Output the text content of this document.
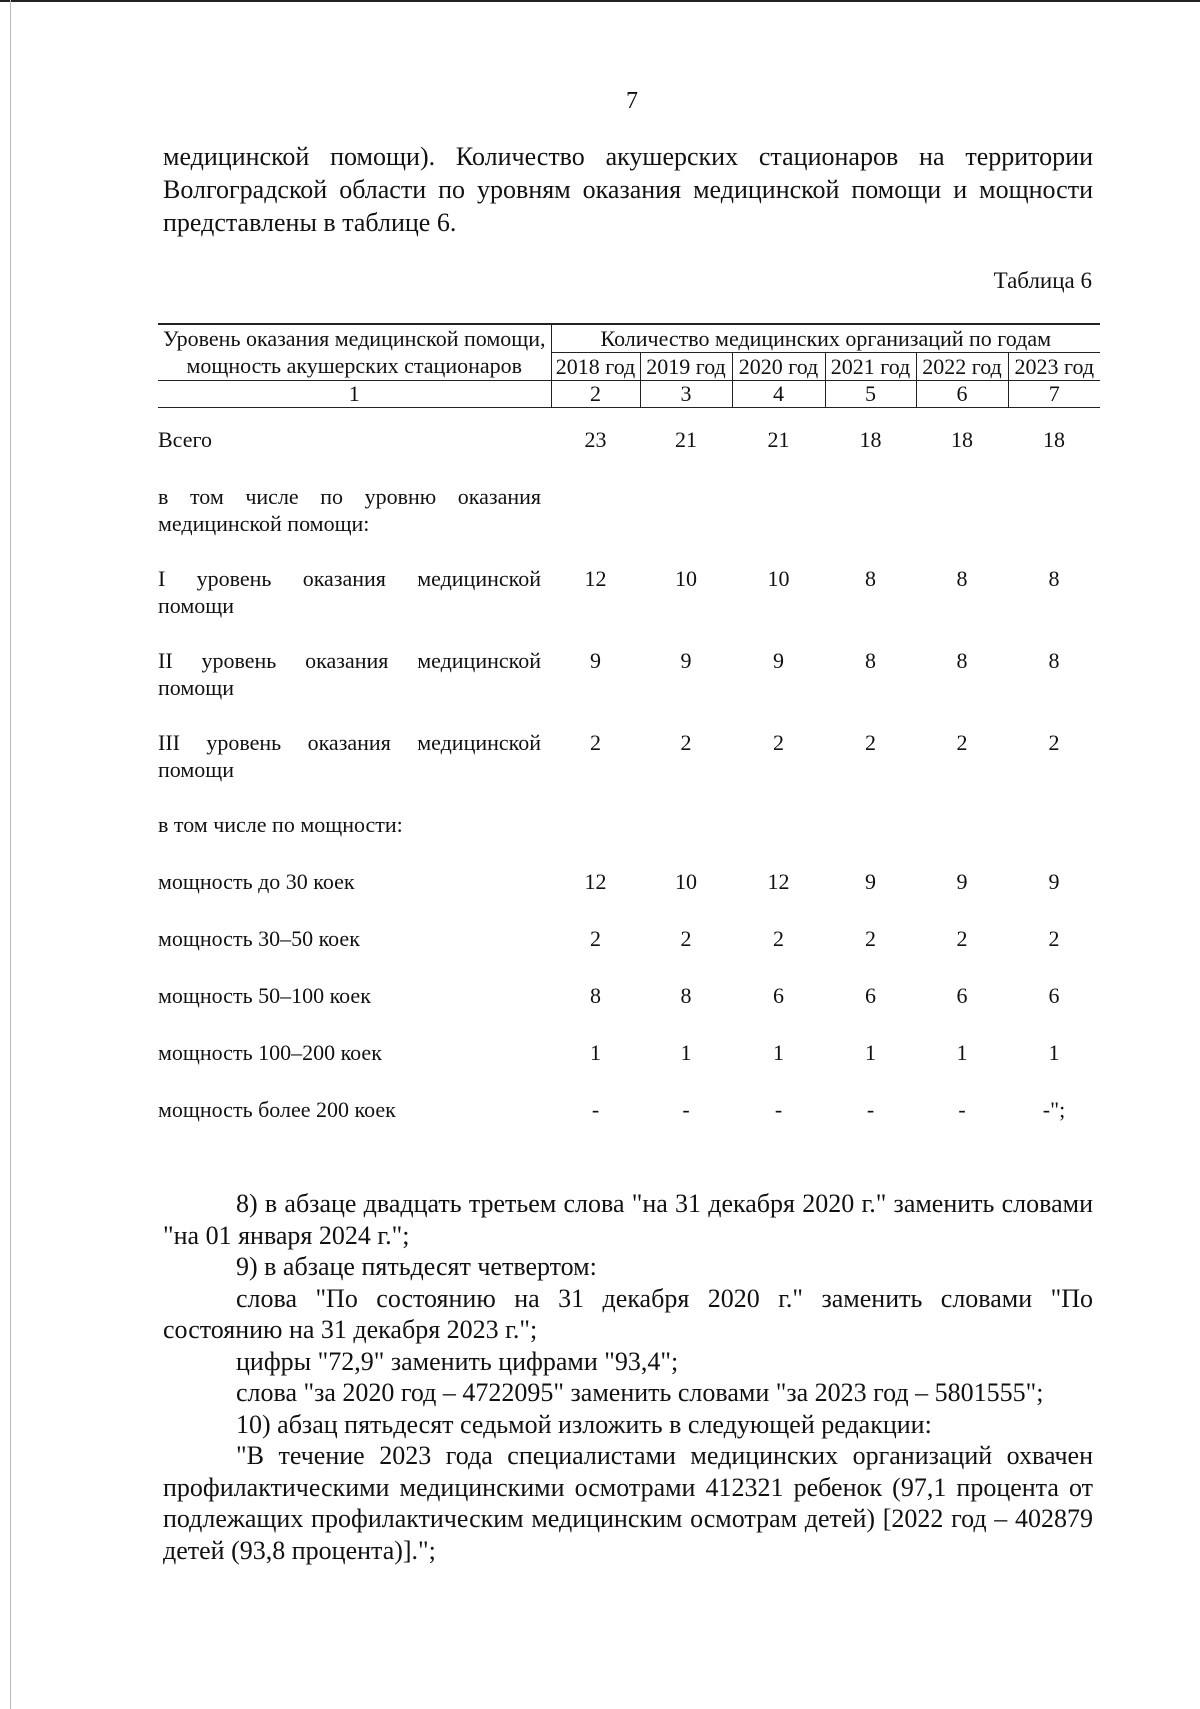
7
медицинской помощи). Количество акушерских стационаров на территории Волгоградской области по уровням оказания медицинской помощи и мощности представлены в таблице 6.
Таблица 6
Уровень оказания медицинской помощи, мощность акушерских стационаров	Количество медицинских организаций по годам					
	2018 год	2019 год	2020 год	2021 год	2022 год	2023 год
1	2	3	4	5	6	7

Всего	23	21	21	18	18	18

в том числе по уровню оказания медицинской помощи:						

I уровень оказания медицинской помощи	12	10	10	8	8	8

II уровень оказания медицинской помощи	9	9	9	8	8	8

III уровень оказания медицинской помощи	2	2	2	2	2	2

в том числе по мощности:						

мощность до 30 коек	12	10	12	9	9	9

мощность 30–50 коек	2	2	2	2	2	2

мощность 50–100 коек	8	8	6	6	6	6

мощность 100–200 коек	1	1	1	1	1	1

мощность более 200 коек	-	-	-	-	-	-";

8) в абзаце двадцать третьем слова "на 31 декабря 2020 г." заменить словами "на 01 января 2024 г.";

9) в абзаце пятьдесят четвертом:

слова "По состоянию на 31 декабря 2020 г." заменить словами "По состоянию на 31 декабря 2023 г.";

цифры "72,9" заменить цифрами "93,4";

слова "за 2020 год – 4722095" заменить словами "за 2023 год – 5801555";

10) абзац пятьдесят седьмой изложить в следующей редакции:

"В течение 2023 года специалистами медицинских организаций охвачен профилактическими медицинскими осмотрами 412321 ребенок (97,1 процента от подлежащих профилактическим медицинским осмотрам детей) [2022 год – 402879 детей (93,8 процента)].";
